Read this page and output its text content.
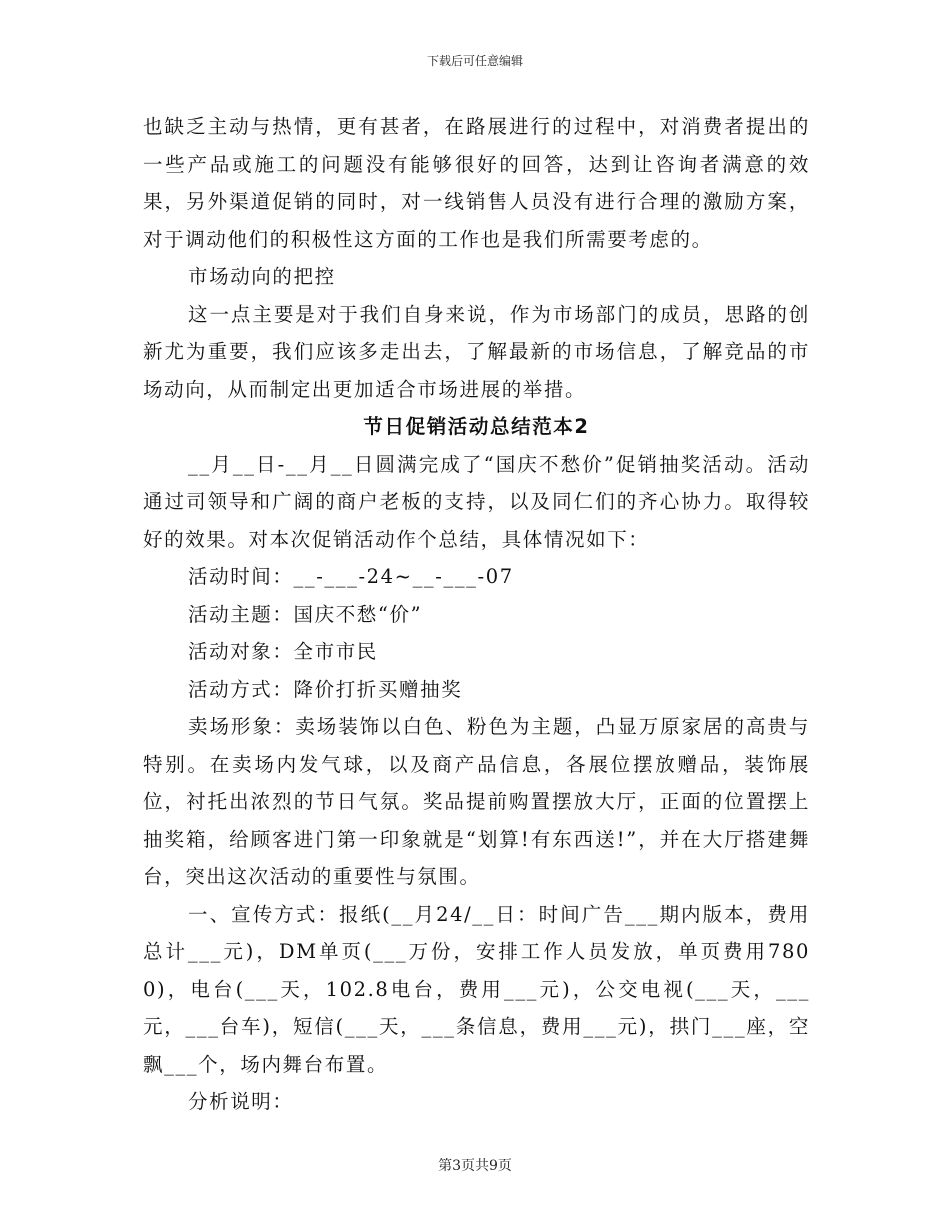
下载后可任意编辑

也缺乏主动与热情，更有甚者，在路展进行的过程中，对消费者提出的一些产品或施工的问题没有能够很好的回答，达到让咨询者满意的效果，另外渠道促销的同时，对一线销售人员没有进行合理的激励方案，对于调动他们的积极性这方面的工作也是我们所需要考虑的。

市场动向的把控

这一点主要是对于我们自身来说，作为市场部门的成员，思路的创新尤为重要，我们应该多走出去，了解最新的市场信息，了解竞品的市场动向，从而制定出更加适合市场进展的举措。

节日促销活动总结范本2

__月__日-__月__日圆满完成了“国庆不愁价”促销抽奖活动。活动通过司领导和广阔的商户老板的支持，以及同仁们的齐心协力。取得较好的效果。对本次促销活动作个总结，具体情况如下：

活动时间：__-___-24~__-___-07

活动主题：国庆不愁“价”

活动对象：全市市民

活动方式：降价打折买赠抽奖

卖场形象：卖场装饰以白色、粉色为主题，凸显万原家居的高贵与特别。在卖场内发气球，以及商产品信息，各展位摆放赠品，装饰展位，衬托出浓烈的节日气氛。奖品提前购置摆放大厅，正面的位置摆上抽奖箱，给顾客进门第一印象就是“划算!有东西送!”，并在大厅搭建舞台，突出这次活动的重要性与氛围。

一、宣传方式：报纸(__月24/__日：时间广告___期内版本，费用总计___元)，DM单页(___万份，安排工作人员发放，单页费用7800)，电台(___天，102.8电台，费用___元)，公交电视(___天，___元，___台车)，短信(___天，___条信息，费用___元)，拱门___座，空飘___个，场内舞台布置。

分析说明：

第3页共9页
